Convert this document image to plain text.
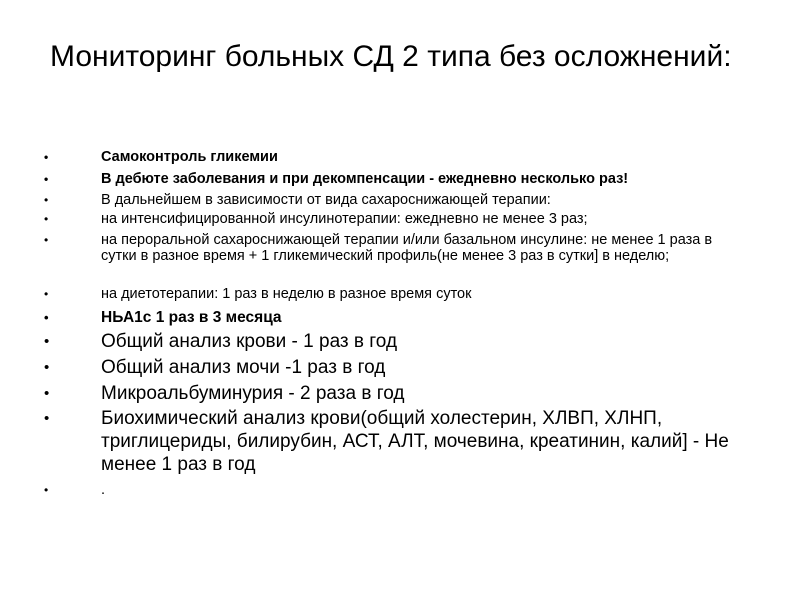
Мониторинг больных СД 2 типа без осложнений:
•	Самоконтроль гликемии
•	В дебюте заболевания и при декомпенсации - ежедневно несколько раз!
•	В дальнейшем в зависимости от вида сахароснижающей терапии:
•	на интенсифицированной инсулинотерапии: ежедневно не менее 3 раз;
•	на пероральной сахароснижающей терапии и/или базальном инсулине: не менее 1 раза в сутки в разное время + 1 гликемический профиль(не менее 3 раз в сутки] в неделю;
•	на диетотерапии: 1 раз в неделю в разное время суток
•	НЬА1с 1 раз в 3 месяца
•	Общий анализ крови - 1 раз в год
•	Общий анализ мочи -1 раз в год
•	Микроальбуминурия - 2 раза в год
•	Биохимический анализ крови(общий холестерин, ХЛВП, ХЛНП, триглицериды, билирубин, АСТ, АЛТ, мочевина, креатинин, калий] - Не менее 1 раз в год
•	.
